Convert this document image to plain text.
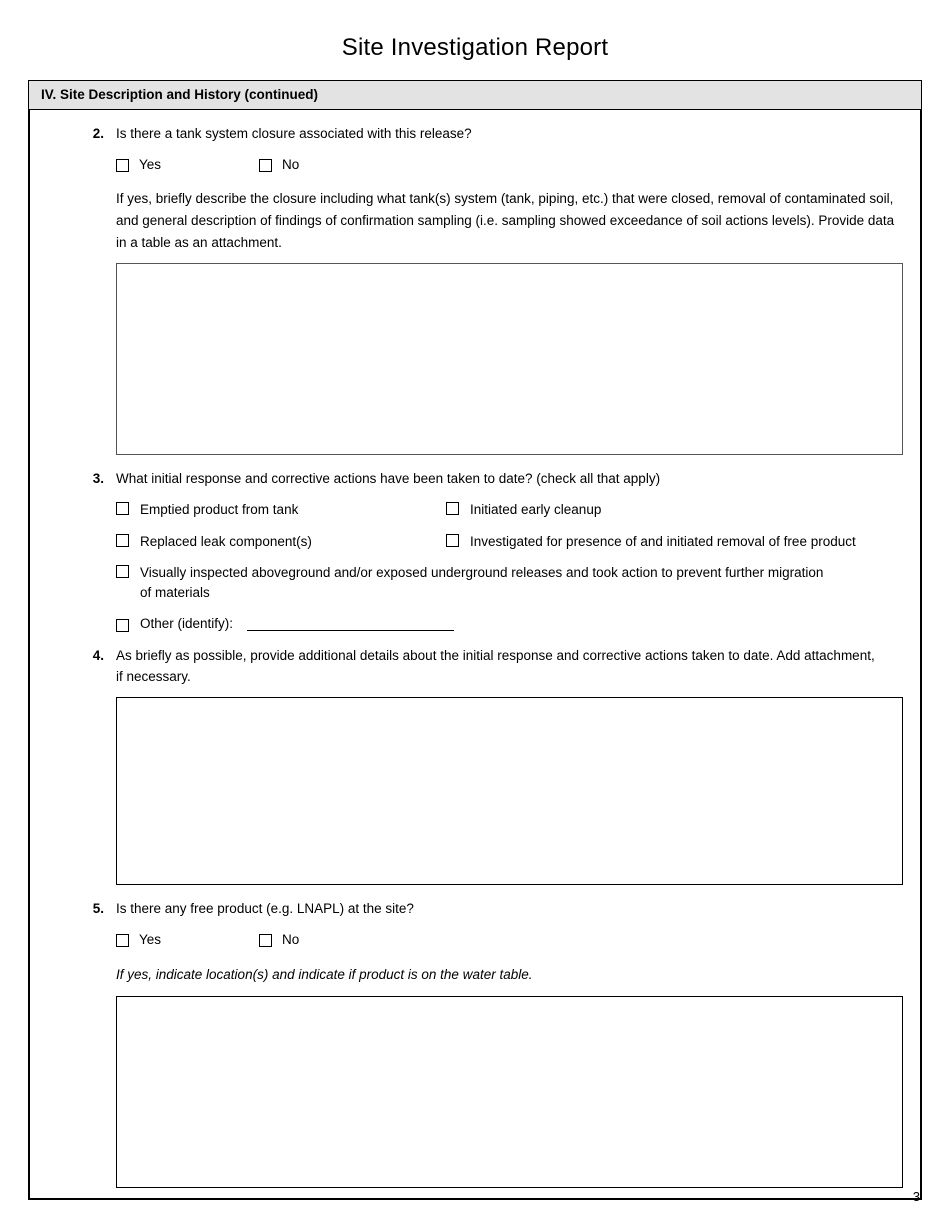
Site Investigation Report
IV. Site Description and History (continued)
2. Is there a tank system closure associated with this release?
Yes	No
If yes, briefly describe the closure including what tank(s) system (tank, piping, etc.) that were closed, removal of contaminated soil, and general description of findings of confirmation sampling (i.e. sampling showed exceedance of soil actions levels). Provide data in a table as an attachment.
3. What initial response and corrective actions have been taken to date? (check all that apply)
Emptied product from tank	Initiated early cleanup
Replaced leak component(s)	Investigated for presence of and initiated removal of free product
Visually inspected aboveground and/or exposed underground releases and took action to prevent further migration of materials
Other (identify):
4. As briefly as possible, provide additional details about the initial response and corrective actions taken to date. Add attachment, if necessary.
5. Is there any free product (e.g. LNAPL) at the site?
Yes	No
If yes, indicate location(s) and indicate if product is on the water table.
3
